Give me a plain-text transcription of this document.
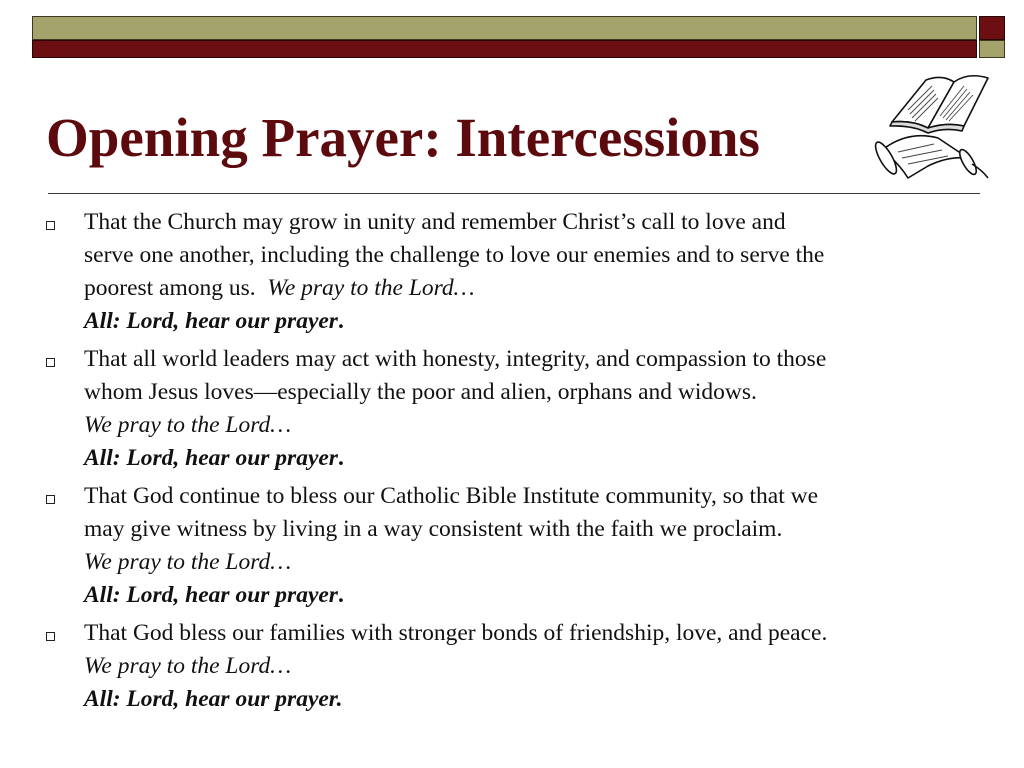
Opening Prayer: Intercessions
That the Church may grow in unity and remember Christ’s call to love and
serve one another, including the challenge to love our enemies and to serve the
poorest among us. We pray to the Lord…
All: Lord, hear our prayer.
That all world leaders may act with honesty, integrity, and compassion to those
whom Jesus loves—especially the poor and alien, orphans and widows.
We pray to the Lord…
All: Lord, hear our prayer.
That God continue to bless our Catholic Bible Institute community, so that we
may give witness by living in a way consistent with the faith we proclaim.
We pray to the Lord…
All: Lord, hear our prayer.
That God bless our families with stronger bonds of friendship, love, and peace.
We pray to the Lord…
All: Lord, hear our prayer.
